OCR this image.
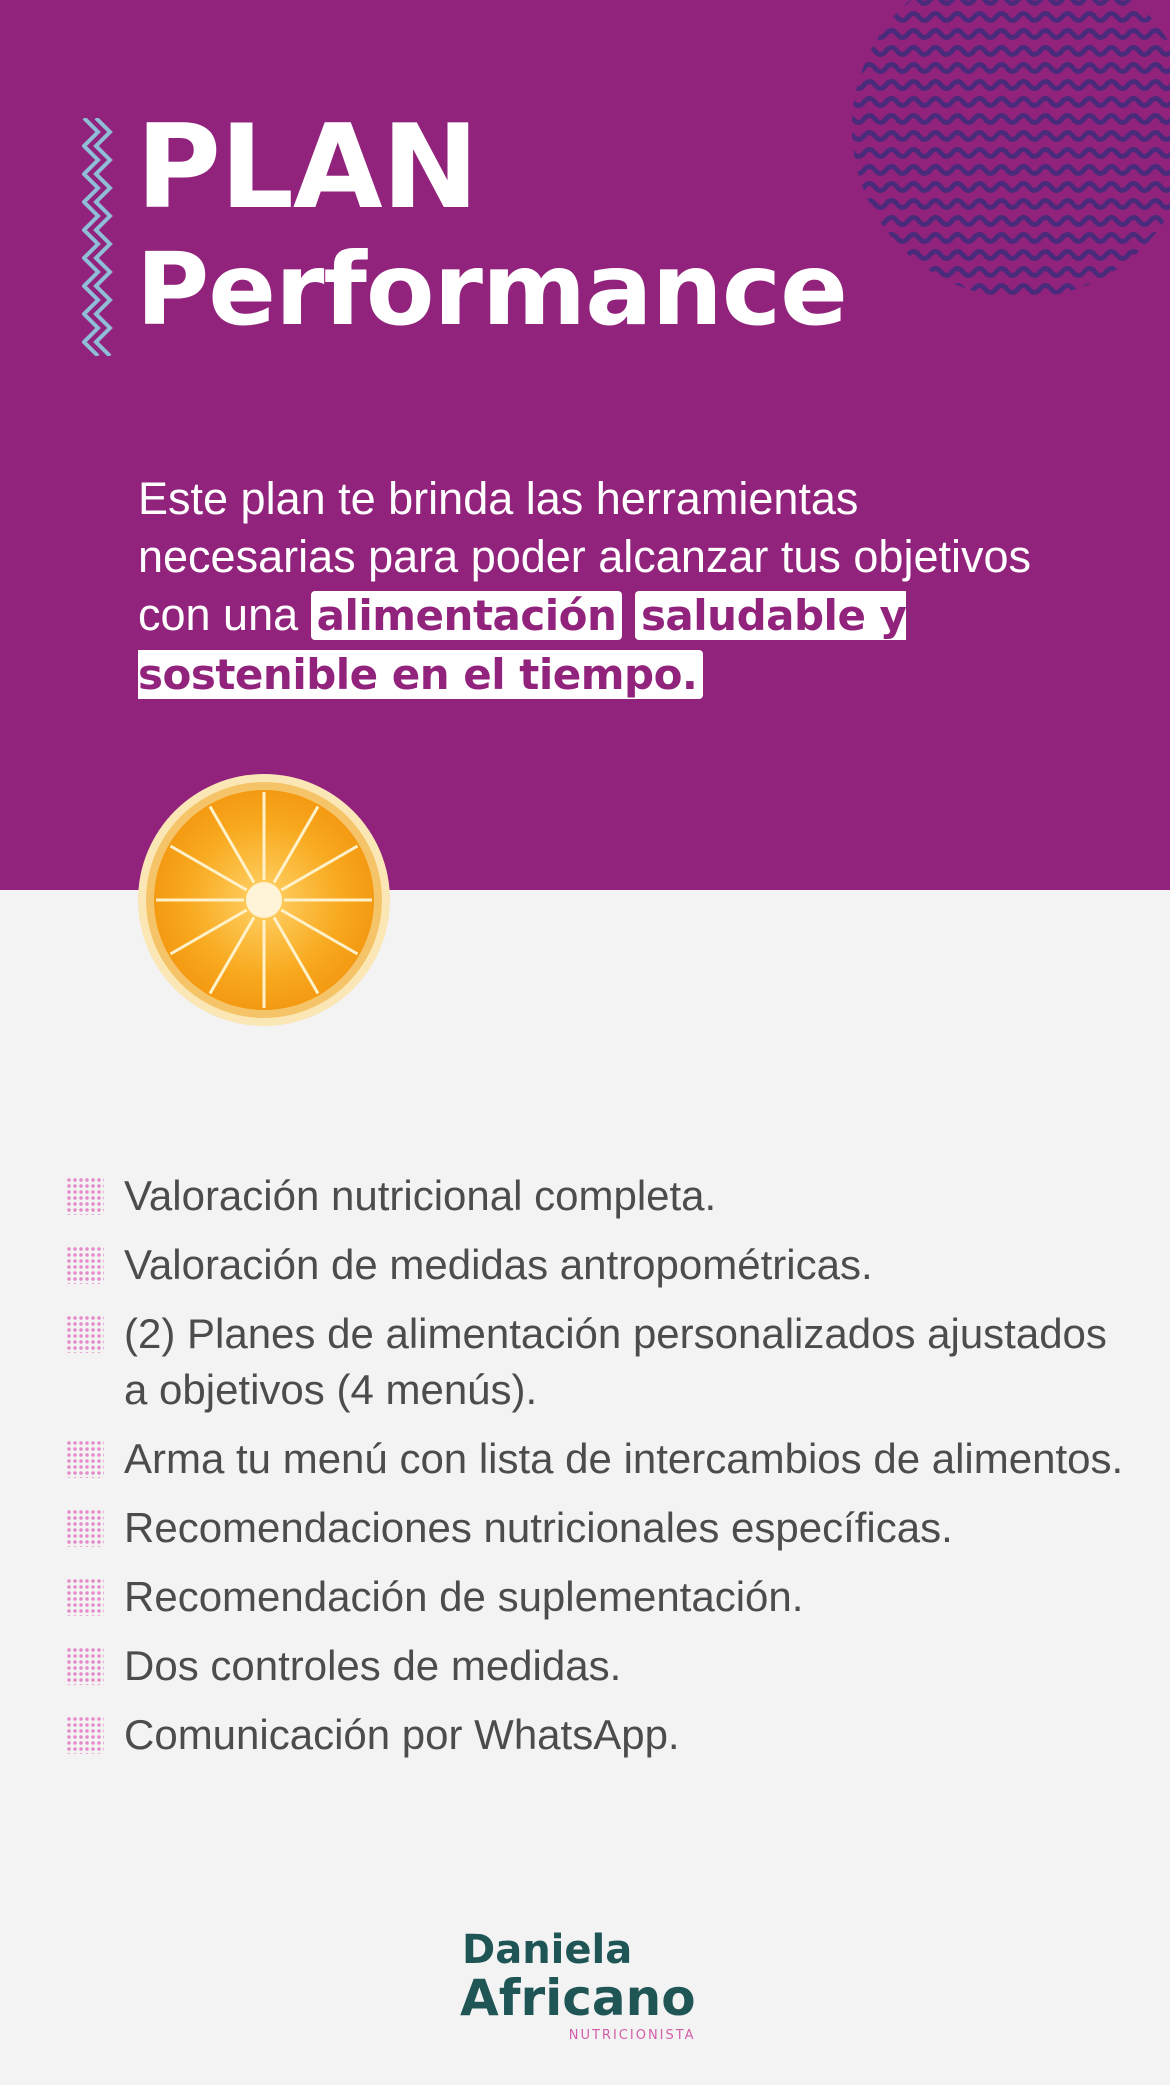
PLAN
Performance

Este plan te brinda las herramientas necesarias para poder alcanzar tus objetivos con una alimentación saludable y sostenible en el tiempo.

Valoración nutricional completa.
Valoración de medidas antropométricas.
(2) Planes de alimentación personalizados ajustados a objetivos (4 menús).
Arma tu menú con lista de intercambios de alimentos.
Recomendaciones nutricionales específicas.
Recomendación de suplementación.
Dos controles de medidas.
Comunicación por WhatsApp.
Daniela
Africano
NUTRICIONISTA
